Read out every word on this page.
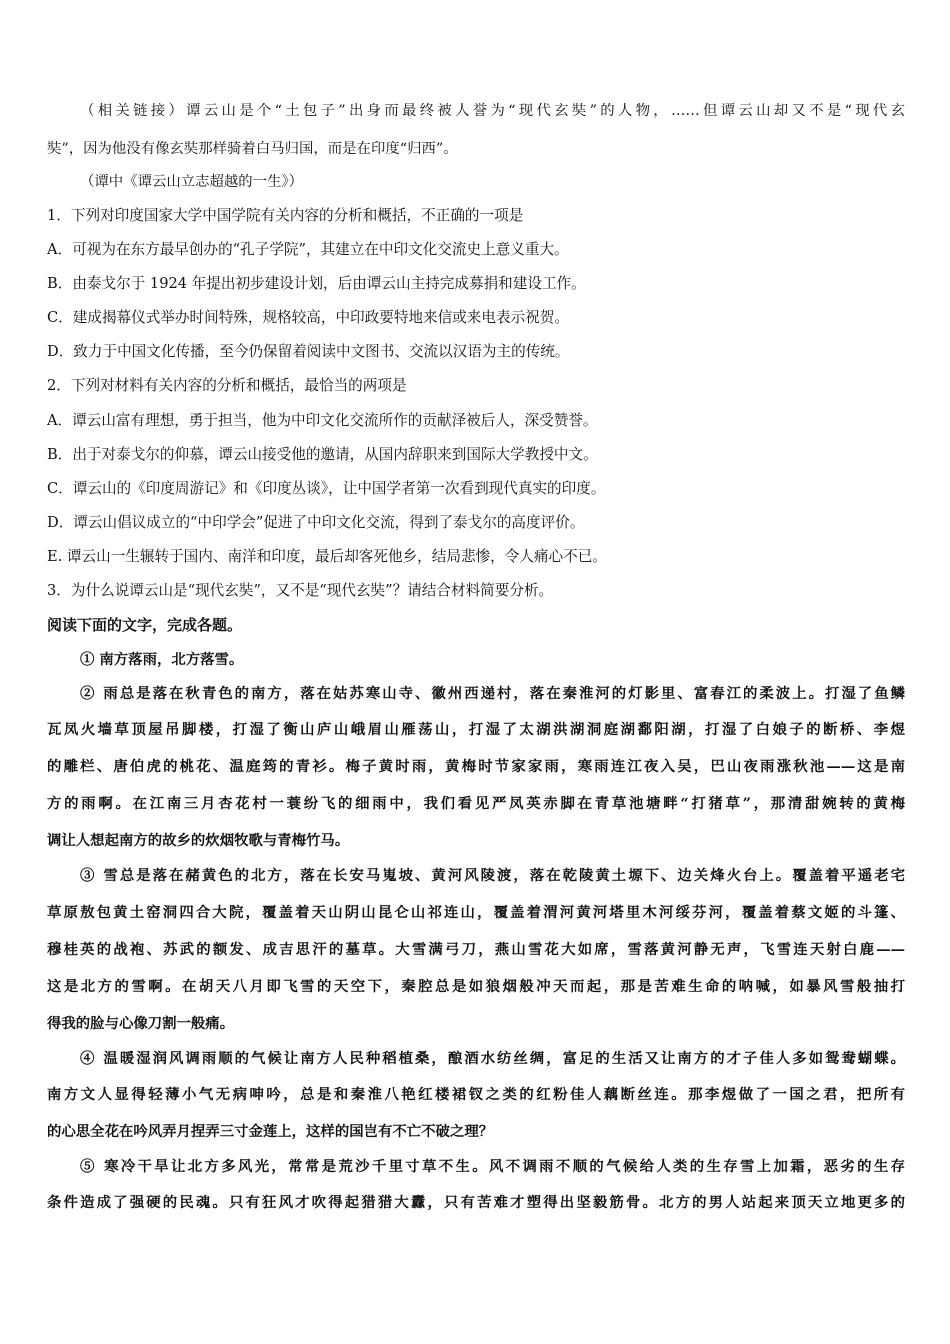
（相关链接）谭云山是个“土包子”出身而最终被人誉为“现代玄奘”的人物，……但谭云山却又不是“现代玄
奘”，因为他没有像玄奘那样骑着白马归国，而是在印度“归西”。
（谭中《谭云山立志超越的一生》）
1．下列对印度国家大学中国学院有关内容的分析和概括，不正确的一项是
A．可视为在东方最早创办的“孔子学院”，其建立在中印文化交流史上意义重大。
B．由泰戈尔于 1924 年提出初步建设计划，后由谭云山主持完成募捐和建设工作。
C．建成揭幕仪式举办时间特殊，规格较高，中印政要特地来信或来电表示祝贺。
D．致力于中国文化传播，至今仍保留着阅读中文图书、交流以汉语为主的传统。
2．下列对材料有关内容的分析和概括，最恰当的两项是
A．谭云山富有理想，勇于担当，他为中印文化交流所作的贡献泽被后人，深受赞誉。
B．出于对泰戈尔的仰慕，谭云山接受他的邀请，从国内辞职来到国际大学教授中文。
C．谭云山的《印度周游记》和《印度丛谈》，让中国学者第一次看到现代真实的印度。
D．谭云山倡议成立的“中印学会”促进了中印文化交流，得到了泰戈尔的高度评价。
E. 谭云山一生辗转于国内、南洋和印度，最后却客死他乡，结局悲惨，令人痛心不已。
3．为什么说谭云山是“现代玄奘”，又不是“现代玄奘”？请结合材料简要分析。
阅读下面的文字，完成各题。
① 南方落雨，北方落雪。
② 雨总是落在秋青色的南方，落在姑苏寒山寺、徽州西递村，落在秦淮河的灯影里、富春江的柔波上。打湿了鱼鳞
瓦凤火墙草顶屋吊脚楼，打湿了衡山庐山峨眉山雁荡山，打湿了太湖洪湖洞庭湖鄱阳湖，打湿了白娘子的断桥、李煜
的雕栏、唐伯虎的桃花、温庭筠的青衫。梅子黄时雨，黄梅时节家家雨，寒雨连江夜入吴，巴山夜雨涨秋池——这是南
方的雨啊。在江南三月杏花村一蓑纷飞的细雨中，我们看见严凤英赤脚在青草池塘畔“打猪草”，那清甜婉转的黄梅
调让人想起南方的故乡的炊烟牧歌与青梅竹马。
③ 雪总是落在赭黄色的北方，落在长安马嵬坡、黄河风陵渡，落在乾陵黄土塬下、边关烽火台上。覆盖着平遥老宅
草原敖包黄土窑洞四合大院，覆盖着天山阴山昆仑山祁连山，覆盖着渭河黄河塔里木河绥芬河，覆盖着蔡文姬的斗篷、
穆桂英的战袍、苏武的额发、成吉思汗的墓草。大雪满弓刀，燕山雪花大如席，雪落黄河静无声，飞雪连天射白鹿——
这是北方的雪啊。在胡天八月即飞雪的天空下，秦腔总是如狼烟般冲天而起，那是苦难生命的呐喊，如暴风雪般抽打
得我的脸与心像刀割一般痛。
④ 温暖湿润风调雨顺的气候让南方人民种稻植桑，酿酒水纺丝绸，富足的生活又让南方的才子佳人多如鸳鸯蝴蝶。
南方文人显得轻薄小气无病呻吟，总是和秦淮八艳红楼裙钗之类的红粉佳人藕断丝连。那李煜做了一国之君，把所有
的心思全花在吟风弄月捏弄三寸金莲上，这样的国岂有不亡不破之理？
⑤ 寒冷干旱让北方多风光，常常是荒沙千里寸草不生。风不调雨不顺的气候给人类的生存雪上加霜，恶劣的生存
条件造成了强硬的民魂。只有狂风才吹得起猎猎大纛，只有苦难才塑得出坚毅筋骨。北方的男人站起来顶天立地更多的
